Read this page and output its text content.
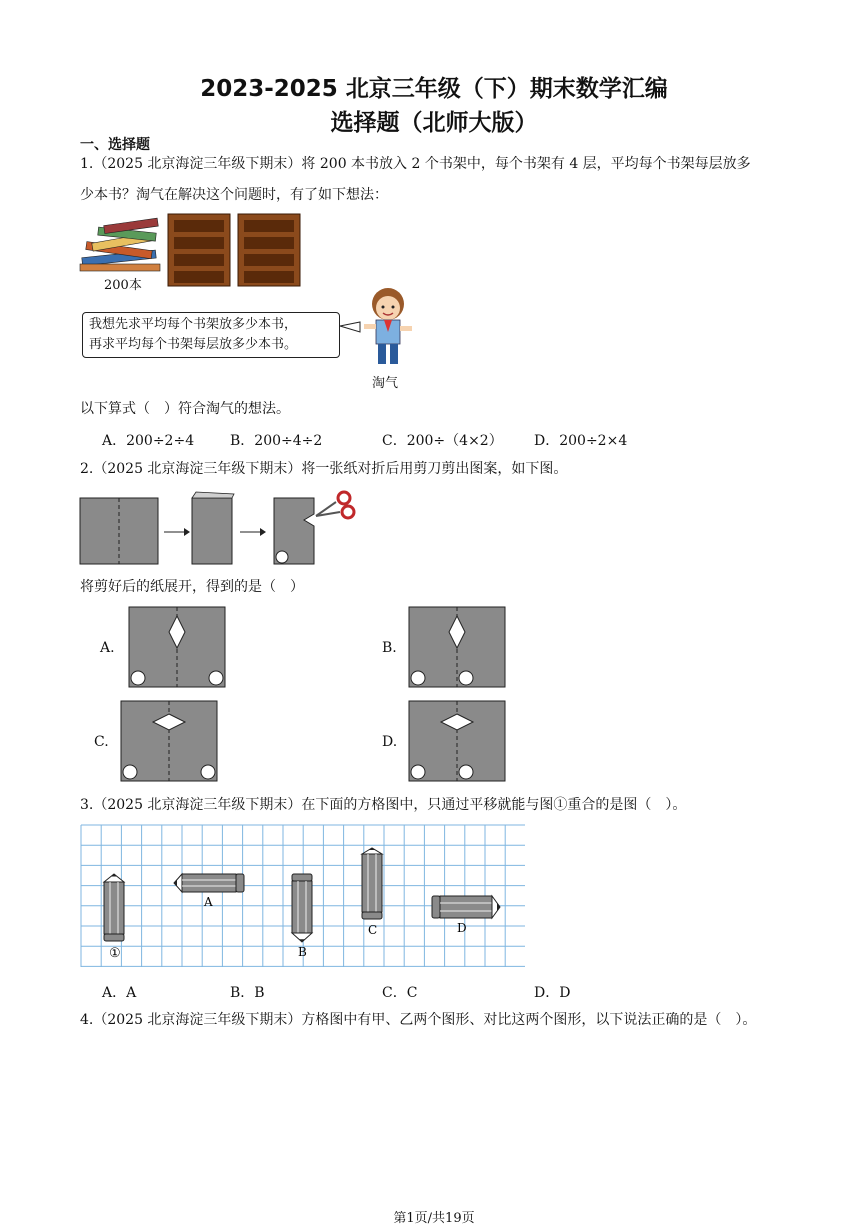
2023-2025 北京三年级（下）期末数学汇编
选择题（北师大版）
一、选择题
1.（2025 北京海淀三年级下期末）将 200 本书放入 2 个书架中，每个书架有 4 层，平均每个书架每层放多
少本书？淘气在解决这个问题时，有了如下想法：
200本
我想先求平均每个书架放多少本书，
再求平均每个书架每层放多少本书。
淘气
以下算式（　）符合淘气的想法。
A．200÷2÷4	B．200÷4÷2	C．200÷（4×2） D．200÷2×4
2.（2025 北京海淀三年级下期末）将一张纸对折后用剪刀剪出图案，如下图。
将剪好后的纸展开，得到的是（　）
A.	B.
C.	D.
3.（2025 北京海淀三年级下期末）在下面的方格图中，只通过平移就能与图①重合的是图（　）。
①
A
B
C	D
A．A	B．B	C．C	D．D
4.（2025 北京海淀三年级下期末）方格图中有甲、乙两个图形、对比这两个图形，以下说法正确的是（　）。
第1页/共19页
